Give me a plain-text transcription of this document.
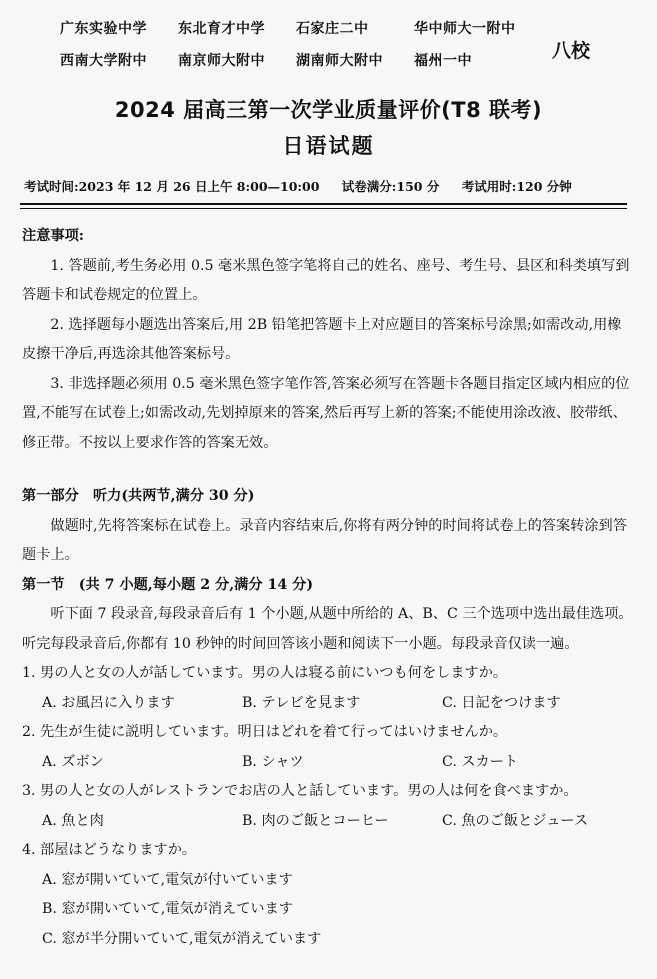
广东实验中学	东北育才中学	石家庄二中	华中师大一附中
西南大学附中	南京师大附中	湖南师大附中	福州一中	八校
2024 届高三第一次学业质量评价(T8 联考)
日语试题
考试时间:2023 年 12 月 26 日上午 8:00—10:00 试卷满分:150 分 考试用时:120 分钟

注意事项:

1. 答题前,考生务必用 0.5 毫米黑色签字笔将自己的姓名、座号、考生号、县区和科类填写到答题卡和试卷规定的位置上。

2. 选择题每小题选出答案后,用 2B 铅笔把答题卡上对应题目的答案标号涂黑;如需改动,用橡皮擦干净后,再选涂其他答案标号。

3. 非选择题必须用 0.5 毫米黑色签字笔作答,答案必须写在答题卡各题目指定区域内相应的位置,不能写在试卷上;如需改动,先划掉原来的答案,然后再写上新的答案;不能使用涂改液、胶带纸、修正带。不按以上要求作答的答案无效。

第一部分　听力(共两节,满分 30 分)

做题时,先将答案标在试卷上。录音内容结束后,你将有两分钟的时间将试卷上的答案转涂到答题卡上。

第一节　(共 7 小题,每小题 2 分,满分 14 分)

听下面 7 段录音,每段录音后有 1 个小题,从题中所给的 A、B、C 三个选项中选出最佳选项。听完每段录音后,你都有 10 秒钟的时间回答该小题和阅读下一小题。每段录音仅读一遍。

1. 男の人と女の人が話しています。男の人は寝る前にいつも何をしますか。

A. お風呂に入ります	B. テレビを見ます	C. 日記をつけます

2. 先生が生徒に説明しています。明日はどれを着て行ってはいけませんか。

A. ズボン	B. シャツ	C. スカート

3. 男の人と女の人がレストランでお店の人と話しています。男の人は何を食べますか。

A. 魚と肉	B. 肉のご飯とコーヒー	C. 魚のご飯とジュース

4. 部屋はどうなりますか。

A. 窓が開いていて,電気が付いています
B. 窓が開いていて,電気が消えています
C. 窓が半分開いていて,電気が消えています
